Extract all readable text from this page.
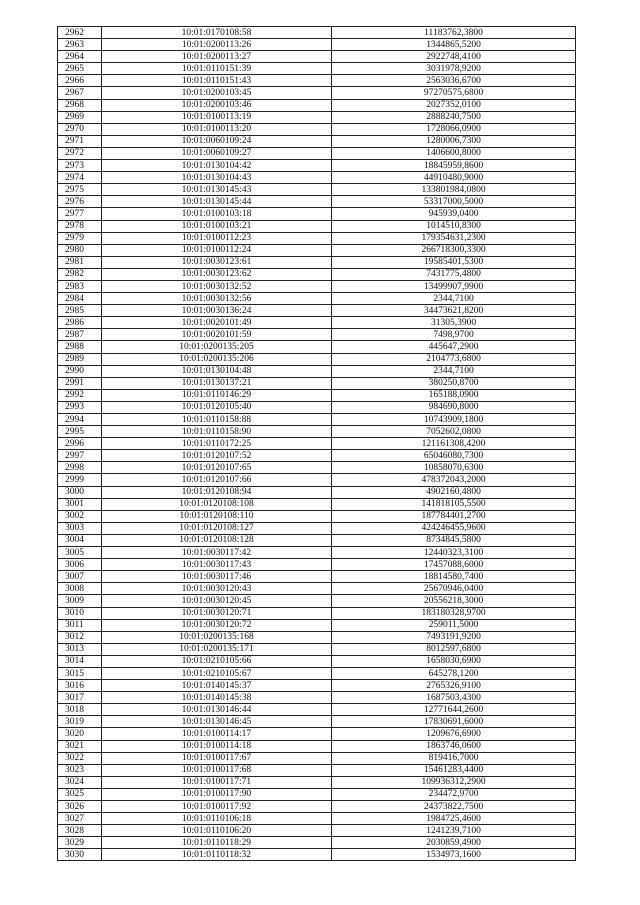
2962	10:01:0170108:58	11183762,3800
2963	10:01:0200113:26	1344865,5200
2964	10:01:0200113:27	2922748,4100
2965	10:01:0110151:39	3031978,9200
2966	10:01:0110151:43	2563036,6700
2967	10:01:0200103:45	97270575,6800
2968	10:01:0200103:46	2027352,0100
2969	10:01:0100113:19	2888240,7500
2970	10:01:0100113:20	1728066,0900
2971	10:01:0060109:24	1280006,7300
2972	10:01:0060109:27	1406600,8000
2973	10:01:0130104:42	18845959,8600
2974	10:01:0130104:43	44910480,9000
2975	10:01:0130145:43	133801984,0800
2976	10:01:0130145:44	53317000,5000
2977	10:01:0100103:18	945939,0400
2978	10:01:0100103:21	1014510,8300
2979	10:01:0100112:23	179354631,2300
2980	10:01:0100112:24	266718300,3300
2981	10:01:0030123:61	19585401,5300
2982	10:01:0030123:62	7431775,4800
2983	10:01:0030132:52	13499907,9900
2984	10:01:0030132:56	2344,7100
2985	10:01:0030136:24	34473621,8200
2986	10:01:0020101:49	31305,3900
2987	10:01:0020101:59	7498,9700
2988	10:01:0200135:205	445647,2900
2989	10:01:0200135:206	2104773,6800
2990	10:01:0130104:48	2344,7100
2991	10:01:0130137:21	380250,8700
2992	10:01:0110146:29	165188,0900
2993	10:01:0120105:40	984690,8000
2994	10:01:0110158:88	10743909,1800
2995	10:01:0110158:90	7052602,0800
2996	10:01:0110172:25	121161308,4200
2997	10:01:0120107:52	65046080,7300
2998	10:01:0120107:65	10858070,6300
2999	10:01:0120107:66	478372043,2000
3000	10:01:0120108:94	4902160,4800
3001	10:01:0120108:108	141818105,5500
3002	10:01:0120108:110	187784401,2700
3003	10:01:0120108:127	424246455,9600
3004	10:01:0120108:128	8734845,5800
3005	10:01:0030117:42	12440323,3100
3006	10:01:0030117:43	17457088,6000
3007	10:01:0030117:46	18814580,7400
3008	10:01:0030120:43	25670946,0400
3009	10:01:0030120:45	20556218,3000
3010	10:01:0030120:71	183180328,9700
3011	10:01:0030120:72	259011,5000
3012	10:01:0200135:168	7493191,9200
3013	10:01:0200135:171	8012597,6800
3014	10:01:0210105:66	1658030,6900
3015	10:01:0210105:67	645278,1200
3016	10:01:0140145:37	2765326,9100
3017	10:01:0140145:38	1687503,4300
3018	10:01:0130146:44	12771644,2600
3019	10:01:0130146:45	17830691,6000
3020	10:01:0100114:17	1209676,6900
3021	10:01:0100114:18	1863746,0600
3022	10:01:0100117:67	819416,7000
3023	10:01:0100117:68	15461283,4400
3024	10:01:0100117:71	109936312,2900
3025	10:01:0100117:90	234472,9700
3026	10:01:0100117:92	24373822,7500
3027	10:01:0110106:18	1984725,4600
3028	10:01:0110106:20	1241239,7100
3029	10:01:0110118:29	2030859,4900
3030	10:01:0110118:32	1534973,1600
